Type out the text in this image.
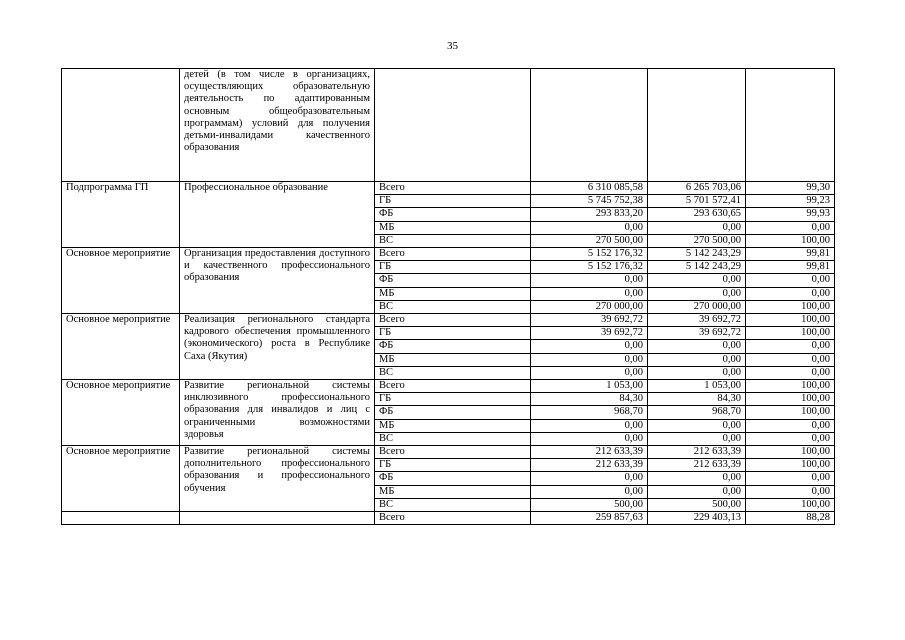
35
	детей (в том числе в организациях, осуществляющих образовательную деятельность по адаптированным основным общеобразовательным программам) условий для получения детьми-инвалидами качественного образования				
Подпрограмма ГП	Профессиональное образование	Всего	6 310 085,58	6 265 703,06	99,30
		ГБ	5 745 752,38	5 701 572,41	99,23
		ФБ	293 833,20	293 630,65	99,93
		МБ	0,00	0,00	0,00
		ВС	270 500,00	270 500,00	100,00
Основное мероприятие	Организация предоставления доступного и качественного профессионального образования	Всего	5 152 176,32	5 142 243,29	99,81
		ГБ	5 152 176,32	5 142 243,29	99,81
		ФБ	0,00	0,00	0,00
		МБ	0,00	0,00	0,00
		ВС	270 000,00	270 000,00	100,00
Основное мероприятие	Реализация регионального стандарта кадрового обеспечения промышленного (экономического) роста в Республике Саха (Якутия)	Всего	39 692,72	39 692,72	100,00
		ГБ	39 692,72	39 692,72	100,00
		ФБ	0,00	0,00	0,00
		МБ	0,00	0,00	0,00
		ВС	0,00	0,00	0,00
Основное мероприятие	Развитие региональной системы инклюзивного профессионального образования для инвалидов и лиц с ограниченными возможностями здоровья	Всего	1 053,00	1 053,00	100,00
		ГБ	84,30	84,30	100,00
		ФБ	968,70	968,70	100,00
		МБ	0,00	0,00	0,00
		ВС	0,00	0,00	0,00
Основное мероприятие	Развитие региональной системы дополнительного профессионального образования и профессионального обучения	Всего	212 633,39	212 633,39	100,00
		ГБ	212 633,39	212 633,39	100,00
		ФБ	0,00	0,00	0,00
		МБ	0,00	0,00	0,00
		ВС	500,00	500,00	100,00
		Всего	259 857,63	229 403,13	88,28
